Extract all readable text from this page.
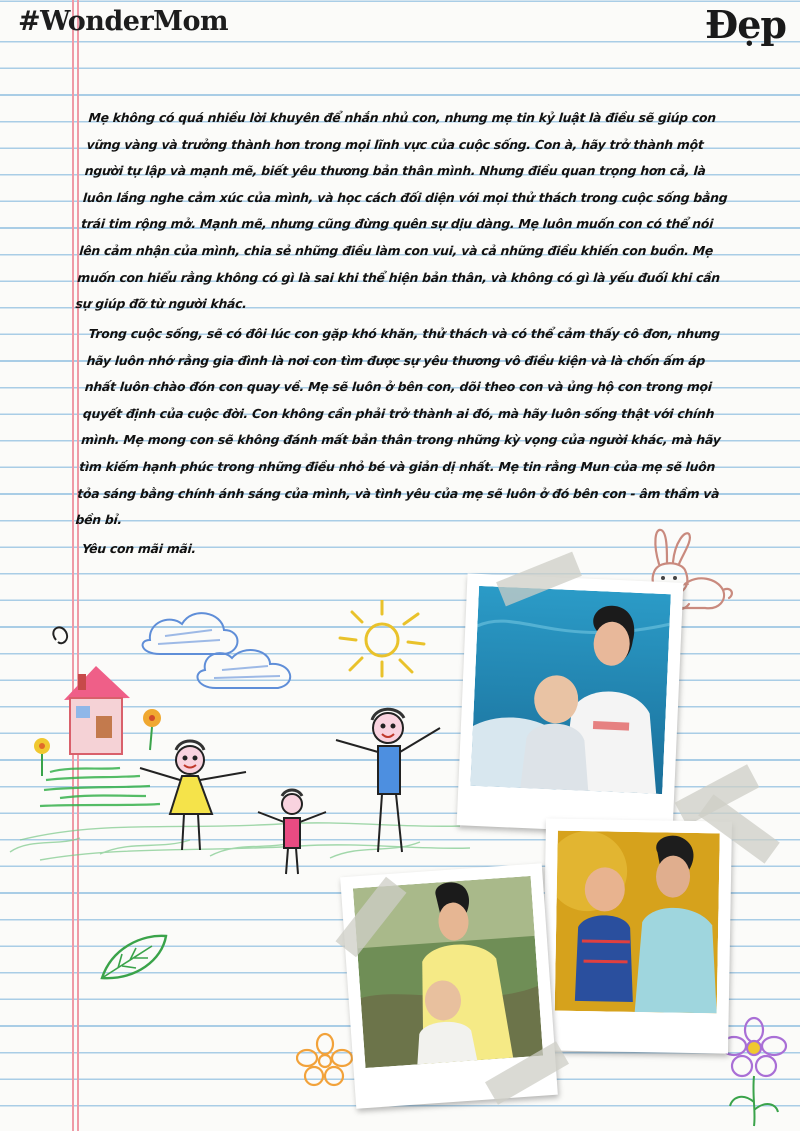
#WonderMom	Đẹp

Mẹ không có quá nhiều lời khuyên để nhắn nhủ con, nhưng mẹ tin kỷ luật là điều sẽ giúp con vững vàng và trưởng thành hơn trong mọi lĩnh vực của cuộc sống. Con à, hãy trở thành một người tự lập và mạnh mẽ, biết yêu thương bản thân mình. Nhưng điều quan trọng hơn cả, là luôn lắng nghe cảm xúc của mình, và học cách đối diện với mọi thử thách trong cuộc sống bằng trái tim rộng mở. Mạnh mẽ, nhưng cũng đừng quên sự dịu dàng. Mẹ luôn muốn con có thể nói lên cảm nhận của mình, chia sẻ những điều làm con vui, và cả những điều khiến con buồn. Mẹ muốn con hiểu rằng không có gì là sai khi thể hiện bản thân, và không có gì là yếu đuối khi cần sự giúp đỡ từ người khác.

Trong cuộc sống, sẽ có đôi lúc con gặp khó khăn, thử thách và có thể cảm thấy cô đơn, nhưng hãy luôn nhớ rằng gia đình là nơi con tìm được sự yêu thương vô điều kiện và là chốn ấm áp nhất luôn chào đón con quay về. Mẹ sẽ luôn ở bên con, dõi theo con và ủng hộ con trong mọi quyết định của cuộc đời. Con không cần phải trở thành ai đó, mà hãy luôn sống thật với chính mình. Mẹ mong con sẽ không đánh mất bản thân trong những kỳ vọng của người khác, mà hãy tìm kiếm hạnh phúc trong những điều nhỏ bé và giản dị nhất. Mẹ tin rằng Mun của mẹ sẽ luôn tỏa sáng bằng chính ánh sáng của mình, và tình yêu của mẹ sẽ luôn ở đó bên con - âm thầm và bền bỉ.

Yêu con mãi mãi.
